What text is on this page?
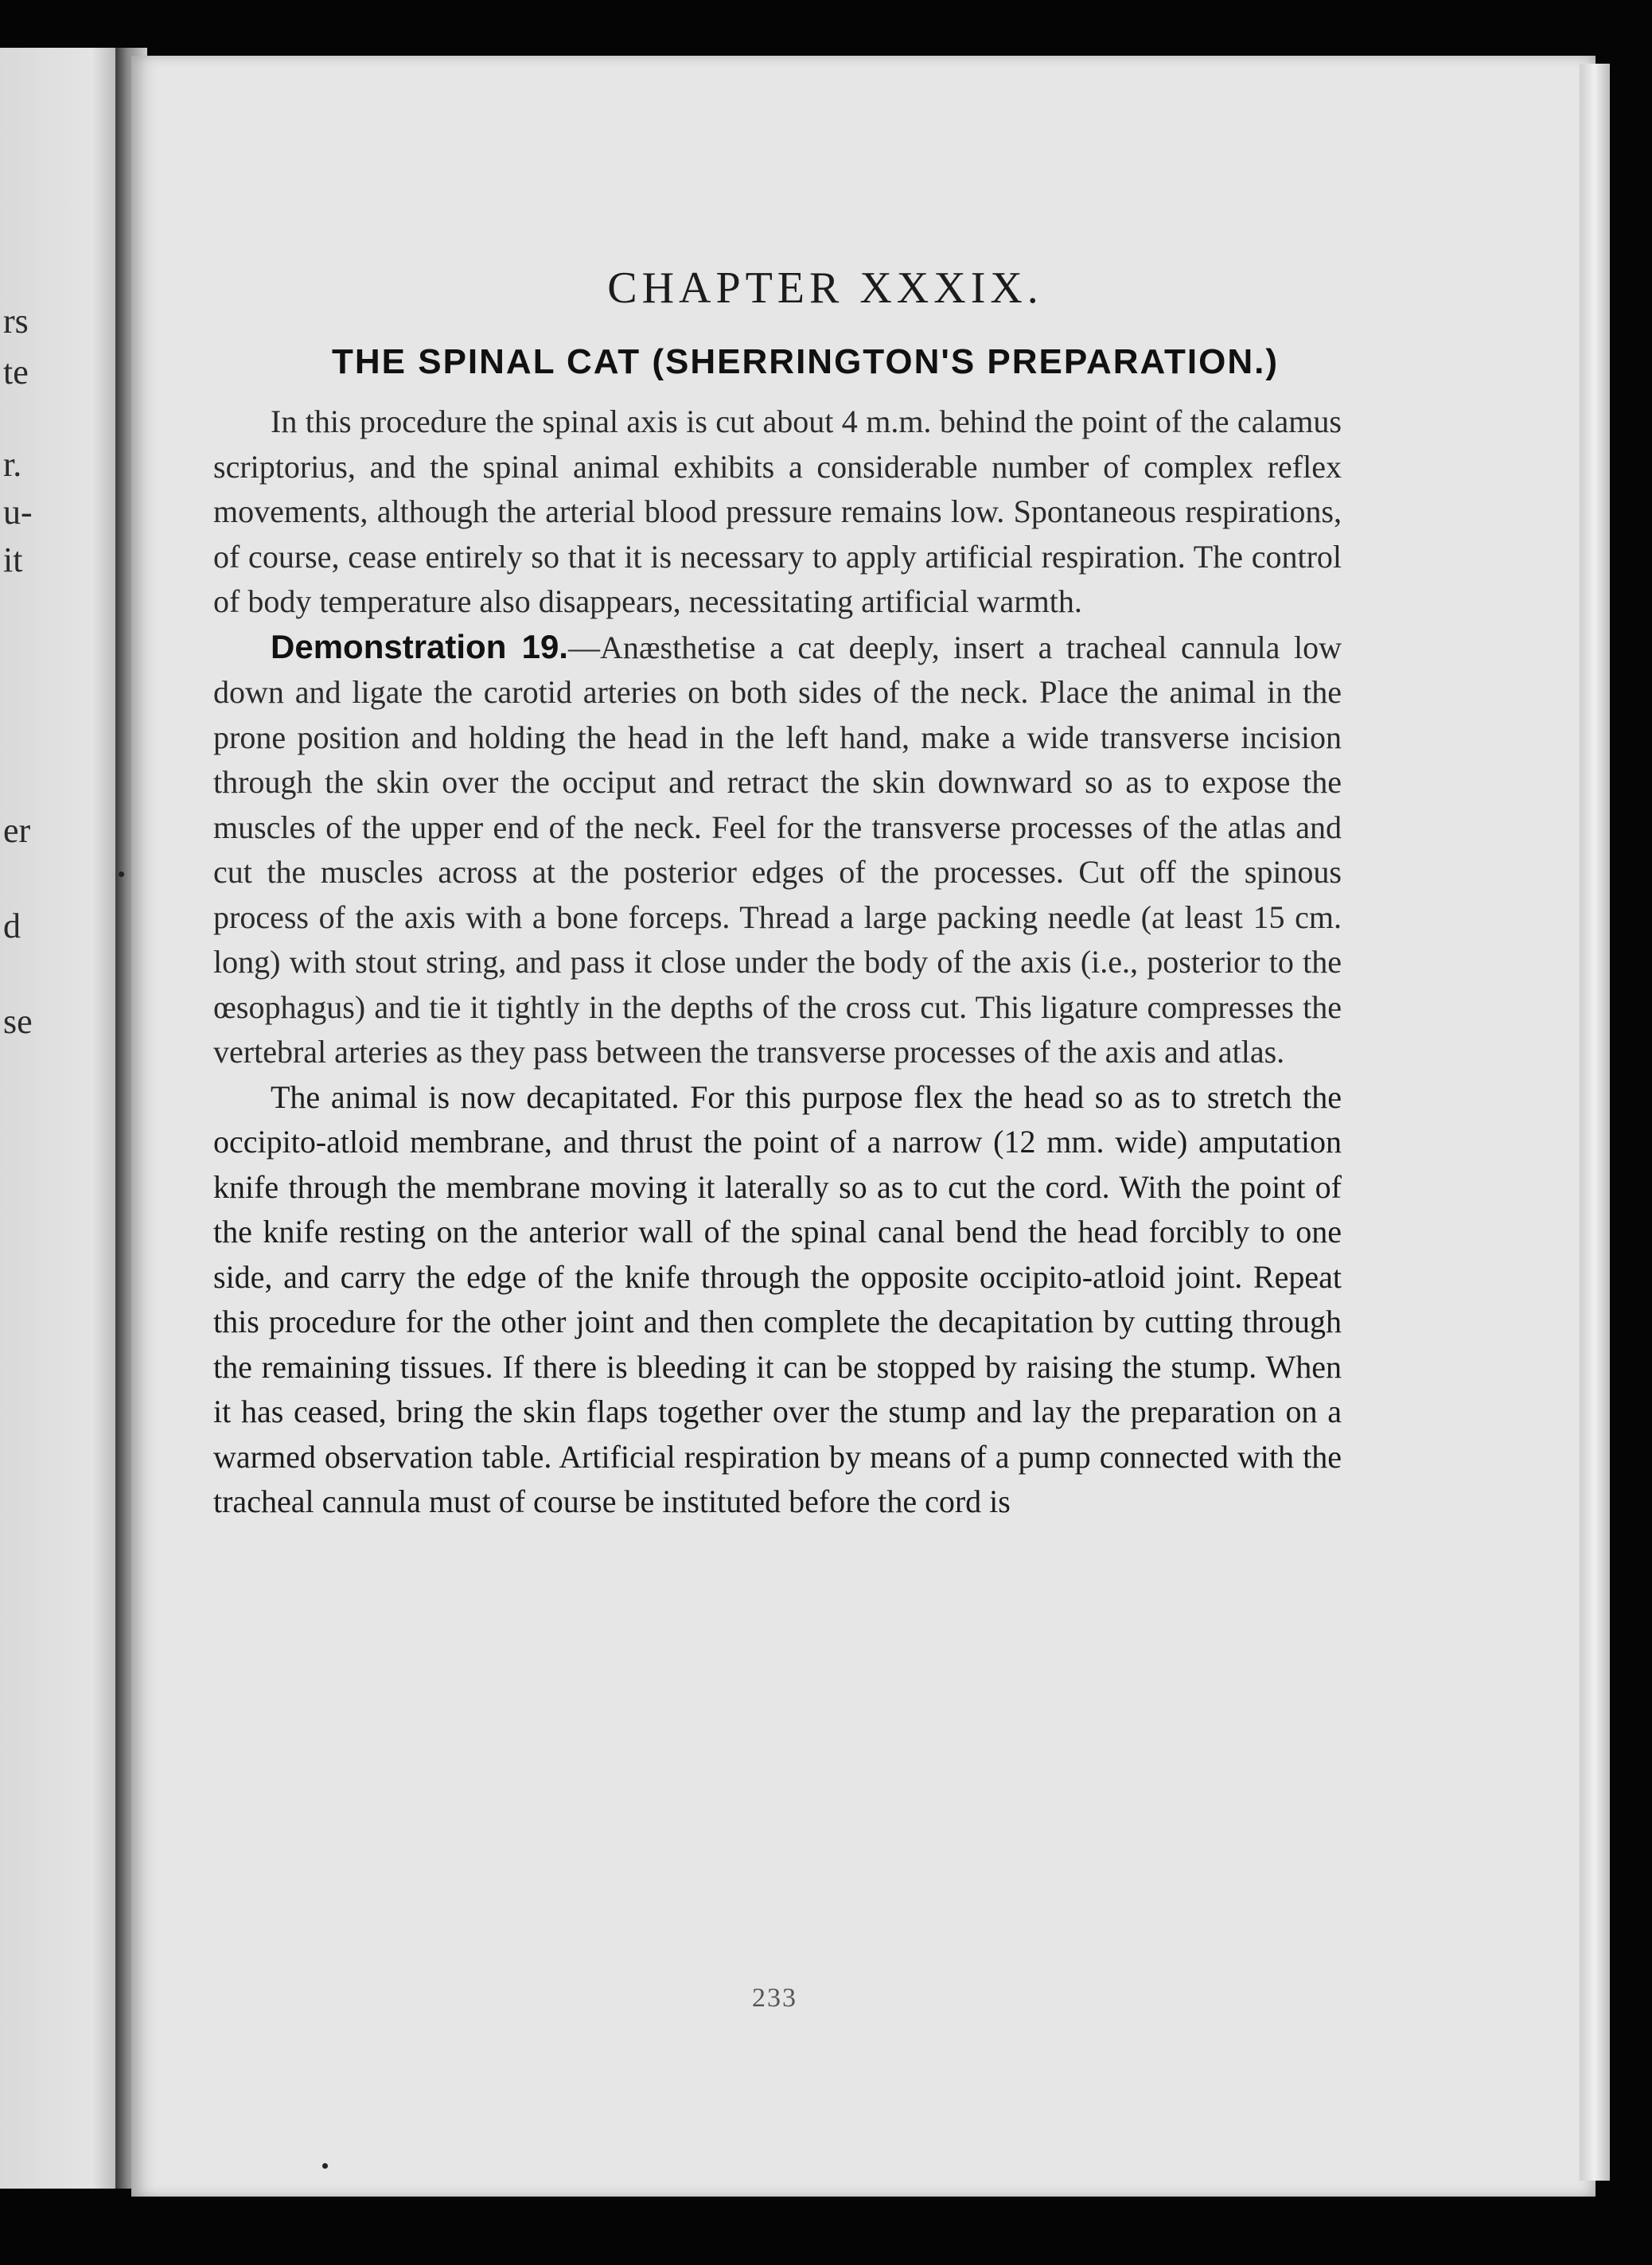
rs
te
r.
u-
it
er
d
se
CHAPTER XXXIX.
THE SPINAL CAT (SHERRINGTON'S PREPARATION.)

In this procedure the spinal axis is cut about 4 m.m. behind the point of the calamus scriptorius, and the spinal animal exhibits a considerable number of complex reflex movements, although the arterial blood pressure remains low. Spontaneous respirations, of course, cease entirely so that it is necessary to apply artificial respiration. The control of body temperature also disappears, necessitating artificial warmth.

Demonstration 19.—Anæsthetise a cat deeply, insert a tracheal cannula low down and ligate the carotid arteries on both sides of the neck. Place the animal in the prone position and holding the head in the left hand, make a wide transverse incision through the skin over the occiput and retract the skin downward so as to expose the muscles of the upper end of the neck. Feel for the transverse processes of the atlas and cut the muscles across at the posterior edges of the processes. Cut off the spinous process of the axis with a bone forceps. Thread a large packing needle (at least 15 cm. long) with stout string, and pass it close under the body of the axis (i.e., posterior to the œsophagus) and tie it tightly in the depths of the cross cut. This ligature compresses the vertebral arteries as they pass between the transverse processes of the axis and atlas.

The animal is now decapitated. For this purpose flex the head so as to stretch the occipito-atloid membrane, and thrust the point of a narrow (12 mm. wide) amputation knife through the membrane moving it laterally so as to cut the cord. With the point of the knife resting on the anterior wall of the spinal canal bend the head forcibly to one side, and carry the edge of the knife through the opposite occipito-atloid joint. Repeat this procedure for the other joint and then complete the decapitation by cutting through the remaining tissues. If there is bleeding it can be stopped by raising the stump. When it has ceased, bring the skin flaps together over the stump and lay the preparation on a warmed observation table. Artificial respiration by means of a pump connected with the tracheal cannula must of course be instituted before the cord is

233
